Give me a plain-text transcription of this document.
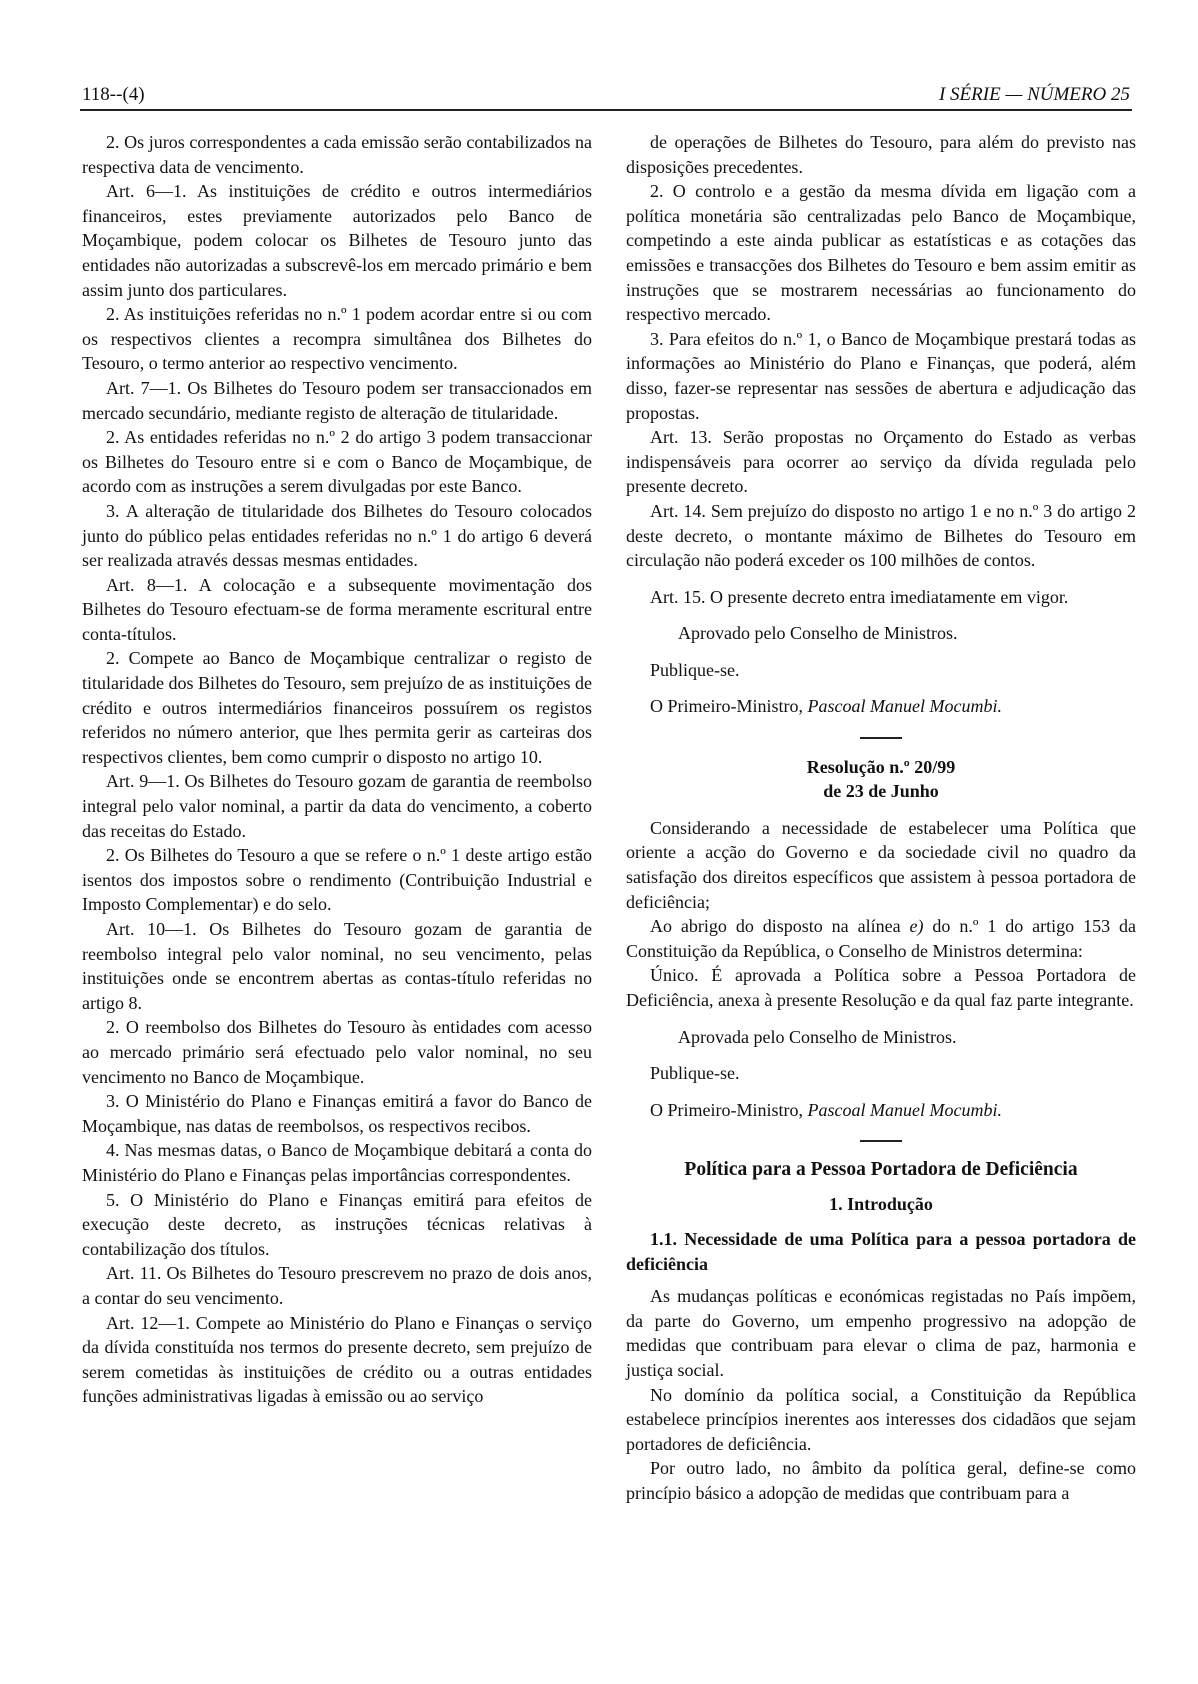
118--(4)	I SÉRIE — NÚMERO 25

2. Os juros correspondentes a cada emissão serão contabilizados na respectiva data de vencimento.

Art. 6—1. As instituições de crédito e outros intermediários financeiros, estes previamente autorizados pelo Banco de Moçambique, podem colocar os Bilhetes de Tesouro junto das entidades não autorizadas a subscrevê-los em mercado primário e bem assim junto dos particulares.

2. As instituições referidas no n.º 1 podem acordar entre si ou com os respectivos clientes a recompra simultânea dos Bilhetes do Tesouro, o termo anterior ao respectivo vencimento.

Art. 7—1. Os Bilhetes do Tesouro podem ser transaccionados em mercado secundário, mediante registo de alteração de titularidade.

2. As entidades referidas no n.º 2 do artigo 3 podem transaccionar os Bilhetes do Tesouro entre si e com o Banco de Moçambique, de acordo com as instruções a serem divulgadas por este Banco.

3. A alteração de titularidade dos Bilhetes do Tesouro colocados junto do público pelas entidades referidas no n.º 1 do artigo 6 deverá ser realizada através dessas mesmas entidades.

Art. 8—1. A colocação e a subsequente movimentação dos Bilhetes do Tesouro efectuam-se de forma meramente escritural entre conta-títulos.

2. Compete ao Banco de Moçambique centralizar o registo de titularidade dos Bilhetes do Tesouro, sem prejuízo de as instituições de crédito e outros intermediários financeiros possuírem os registos referidos no número anterior, que lhes permita gerir as carteiras dos respectivos clientes, bem como cumprir o disposto no artigo 10.

Art. 9—1. Os Bilhetes do Tesouro gozam de garantia de reembolso integral pelo valor nominal, a partir da data do vencimento, a coberto das receitas do Estado.

2. Os Bilhetes do Tesouro a que se refere o n.º 1 deste artigo estão isentos dos impostos sobre o rendimento (Contribuição Industrial e Imposto Complementar) e do selo.

Art. 10—1. Os Bilhetes do Tesouro gozam de garantia de reembolso integral pelo valor nominal, no seu vencimento, pelas instituições onde se encontrem abertas as contas-título referidas no artigo 8.

2. O reembolso dos Bilhetes do Tesouro às entidades com acesso ao mercado primário será efectuado pelo valor nominal, no seu vencimento no Banco de Moçambique.

3. O Ministério do Plano e Finanças emitirá a favor do Banco de Moçambique, nas datas de reembolsos, os respectivos recibos.

4. Nas mesmas datas, o Banco de Moçambique debitará a conta do Ministério do Plano e Finanças pelas importâncias correspondentes.

5. O Ministério do Plano e Finanças emitirá para efeitos de execução deste decreto, as instruções técnicas relativas à contabilização dos títulos.

Art. 11. Os Bilhetes do Tesouro prescrevem no prazo de dois anos, a contar do seu vencimento.

Art. 12—1. Compete ao Ministério do Plano e Finanças o serviço da dívida constituída nos termos do presente decreto, sem prejuízo de serem cometidas às instituições de crédito ou a outras entidades funções administrativas ligadas à emissão ou ao serviço

de operações de Bilhetes do Tesouro, para além do previsto nas disposições precedentes.

2. O controlo e a gestão da mesma dívida em ligação com a política monetária são centralizadas pelo Banco de Moçambique, competindo a este ainda publicar as estatísticas e as cotações das emissões e transacções dos Bilhetes do Tesouro e bem assim emitir as instruções que se mostrarem necessárias ao funcionamento do respectivo mercado.

3. Para efeitos do n.º 1, o Banco de Moçambique prestará todas as informações ao Ministério do Plano e Finanças, que poderá, além disso, fazer-se representar nas sessões de abertura e adjudicação das propostas.

Art. 13. Serão propostas no Orçamento do Estado as verbas indispensáveis para ocorrer ao serviço da dívida regulada pelo presente decreto.

Art. 14. Sem prejuízo do disposto no artigo 1 e no n.º 3 do artigo 2 deste decreto, o montante máximo de Bilhetes do Tesouro em circulação não poderá exceder os 100 milhões de contos.

Art. 15. O presente decreto entra imediatamente em vigor.

Aprovado pelo Conselho de Ministros.

Publique-se.

O Primeiro-Ministro, Pascoal Manuel Mocumbi.

Resolução n.º 20/99

de 23 de Junho

Considerando a necessidade de estabelecer uma Política que oriente a acção do Governo e da sociedade civil no quadro da satisfação dos direitos específicos que assistem à pessoa portadora de deficiência;

Ao abrigo do disposto na alínea e) do n.º 1 do artigo 153 da Constituição da República, o Conselho de Ministros determina:

Único. É aprovada a Política sobre a Pessoa Portadora de Deficiência, anexa à presente Resolução e da qual faz parte integrante.

Aprovada pelo Conselho de Ministros.

Publique-se.

O Primeiro-Ministro, Pascoal Manuel Mocumbi.

Política para a Pessoa Portadora de Deficiência

1. Introdução

1.1. Necessidade de uma Política para a pessoa portadora de deficiência

As mudanças políticas e económicas registadas no País impõem, da parte do Governo, um empenho progressivo na adopção de medidas que contribuam para elevar o clima de paz, harmonia e justiça social.

No domínio da política social, a Constituição da República estabelece princípios inerentes aos interesses dos cidadãos que sejam portadores de deficiência.

Por outro lado, no âmbito da política geral, define-se como princípio básico a adopção de medidas que contribuam para a
